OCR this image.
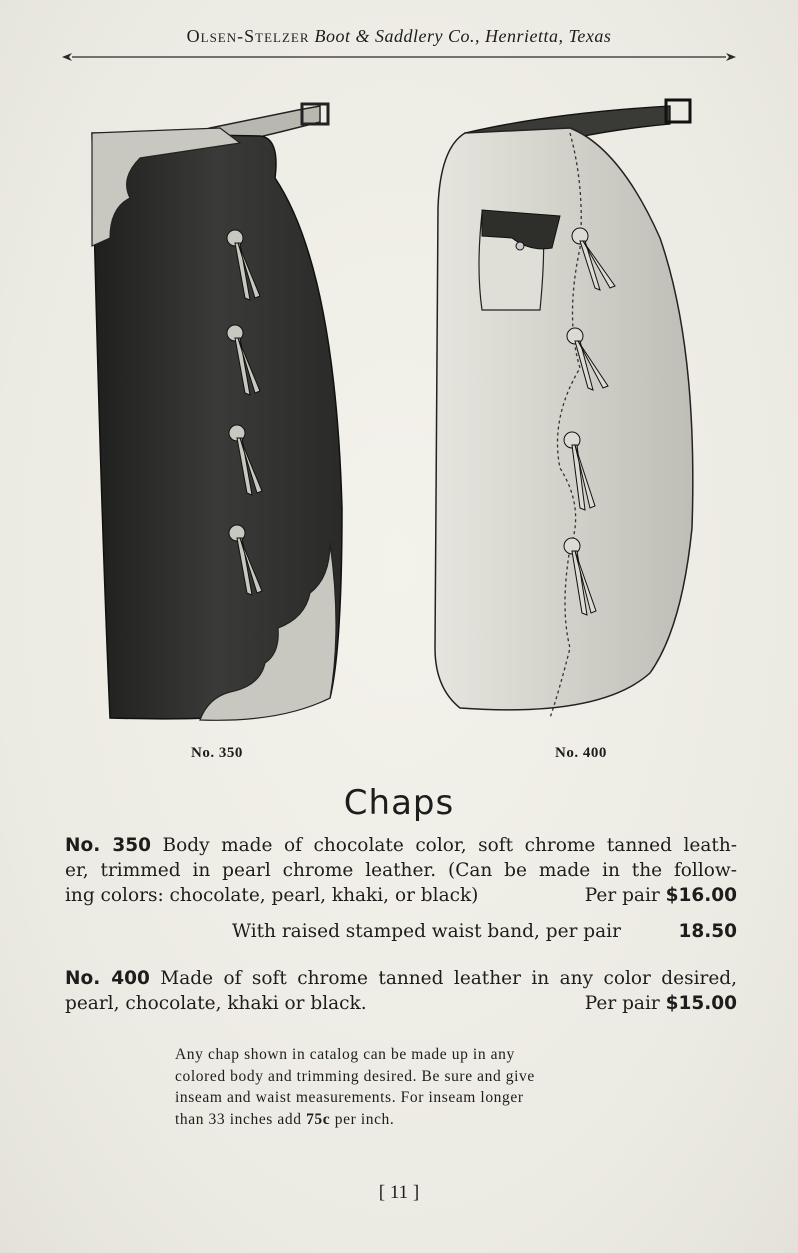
Olsen-Stelzer Boot & Saddlery Co., Henrietta, Texas
No. 350	No. 400
Chaps
No. 350 Body made of chocolate color, soft chrome tanned leath-
er, trimmed in pearl chrome leather. (Can be made in the follow-
ing colors: chocolate, pearl, khaki, or black)	Per pair $16.00
With raised stamped waist band, per pair	18.50
No. 400 Made of soft chrome tanned leather in any color desired,
pearl, chocolate, khaki or black.	Per pair $15.00
Any chap shown in catalog can be made up in any
colored body and trimming desired. Be sure and give
inseam and waist measurements. For inseam longer
than 33 inches add 75c per inch.
[ 11 ]
